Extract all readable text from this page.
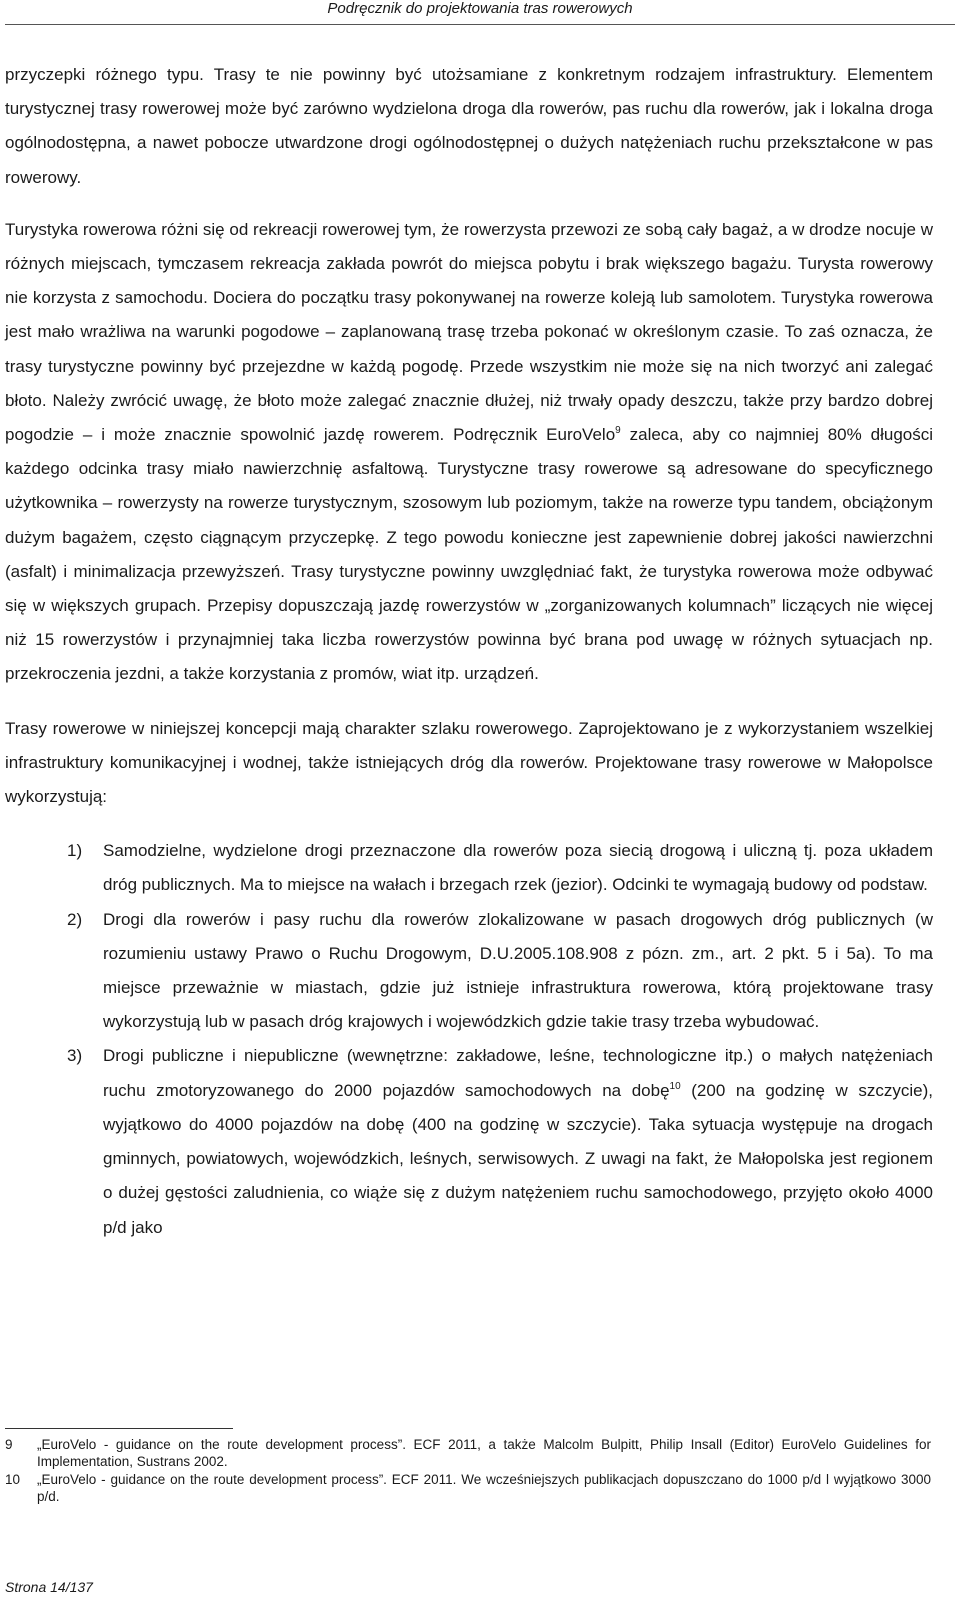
Podręcznik do projektowania tras rowerowych

przyczepki różnego typu. Trasy te nie powinny być utożsamiane z konkretnym rodzajem infrastruktury. Elementem turystycznej trasy rowerowej może być zarówno wydzielona droga dla rowerów, pas ruchu dla rowerów, jak i lokalna droga ogólnodostępna, a nawet pobocze utwardzone drogi ogólnodostępnej o dużych natężeniach ruchu przekształcone w pas rowerowy.

Turystyka rowerowa różni się od rekreacji rowerowej tym, że rowerzysta przewozi ze sobą cały bagaż, a w drodze nocuje w różnych miejscach, tymczasem rekreacja zakłada powrót do miejsca pobytu i brak większego bagażu. Turysta rowerowy nie korzysta z samochodu. Dociera do początku trasy pokonywanej na rowerze koleją lub samolotem. Turystyka rowerowa jest mało wrażliwa na warunki pogodowe – zaplanowaną trasę trzeba pokonać w określonym czasie. To zaś oznacza, że trasy turystyczne powinny być przejezdne w każdą pogodę. Przede wszystkim nie może się na nich tworzyć ani zalegać błoto. Należy zwrócić uwagę, że błoto może zalegać znacznie dłużej, niż trwały opady deszczu, także przy bardzo dobrej pogodzie – i może znacznie spowolnić jazdę rowerem. Podręcznik EuroVelo$^9$ zaleca, aby co najmniej 80% długości każdego odcinka trasy miało nawierzchnię asfaltową. Turystyczne trasy rowerowe są adresowane do specyficznego użytkownika – rowerzysty na rowerze turystycznym, szosowym lub poziomym, także na rowerze typu tandem, obciążonym dużym bagażem, często ciągnącym przyczepkę. Z tego powodu konieczne jest zapewnienie dobrej jakości nawierzchni (asfalt) i minimalizacja przewyższeń. Trasy turystyczne powinny uwzględniać fakt, że turystyka rowerowa może odbywać się w większych grupach. Przepisy dopuszczają jazdę rowerzystów w „zorganizowanych kolumnach” liczących nie więcej niż 15 rowerzystów i przynajmniej taka liczba rowerzystów powinna być brana pod uwagę w różnych sytuacjach np. przekroczenia jezdni, a także korzystania z promów, wiat itp. urządzeń.

Trasy rowerowe w niniejszej koncepcji mają charakter szlaku rowerowego. Zaprojektowano je z wykorzystaniem wszelkiej infrastruktury komunikacyjnej i wodnej, także istniejących dróg dla rowerów. Projektowane trasy rowerowe w Małopolsce wykorzystują:

1) Samodzielne, wydzielone drogi przeznaczone dla rowerów poza siecią drogową i uliczną tj. poza układem dróg publicznych. Ma to miejsce na wałach i brzegach rzek (jezior). Odcinki te wymagają budowy od podstaw.
2) Drogi dla rowerów i pasy ruchu dla rowerów zlokalizowane w pasach drogowych dróg publicznych (w rozumieniu ustawy Prawo o Ruchu Drogowym, D.U.2005.108.908 z pózn. zm., art. 2 pkt. 5 i 5a). To ma miejsce przeważnie w miastach, gdzie już istnieje infrastruktura rowerowa, którą projektowane trasy wykorzystują lub w pasach dróg krajowych i wojewódzkich gdzie takie trasy trzeba wybudować.
3) Drogi publiczne i niepubliczne (wewnętrzne: zakładowe, leśne, technologiczne itp.) o małych natężeniach ruchu zmotoryzowanego do 2000 pojazdów samochodowych na dobę$^{10}$ (200 na godzinę w szczycie), wyjątkowo do 4000 pojazdów na dobę (400 na godzinę w szczycie). Taka sytuacja występuje na drogach gminnych, powiatowych, wojewódzkich, leśnych, serwisowych. Z uwagi na fakt, że Małopolska jest regionem o dużej gęstości zaludnienia, co wiąże się z dużym natężeniem ruchu samochodowego, przyjęto około 4000 p/d jako
9 „EuroVelo - guidance on the route development process”. ECF 2011, a także Malcolm Bulpitt, Philip Insall (Editor) EuroVelo Guidelines for Implementation, Sustrans 2002.
10 „EuroVelo - guidance on the route development process”. ECF 2011. We wcześniejszych publikacjach dopuszczano do 1000 p/d l wyjątkowo 3000 p/d.
Strona 14/137
